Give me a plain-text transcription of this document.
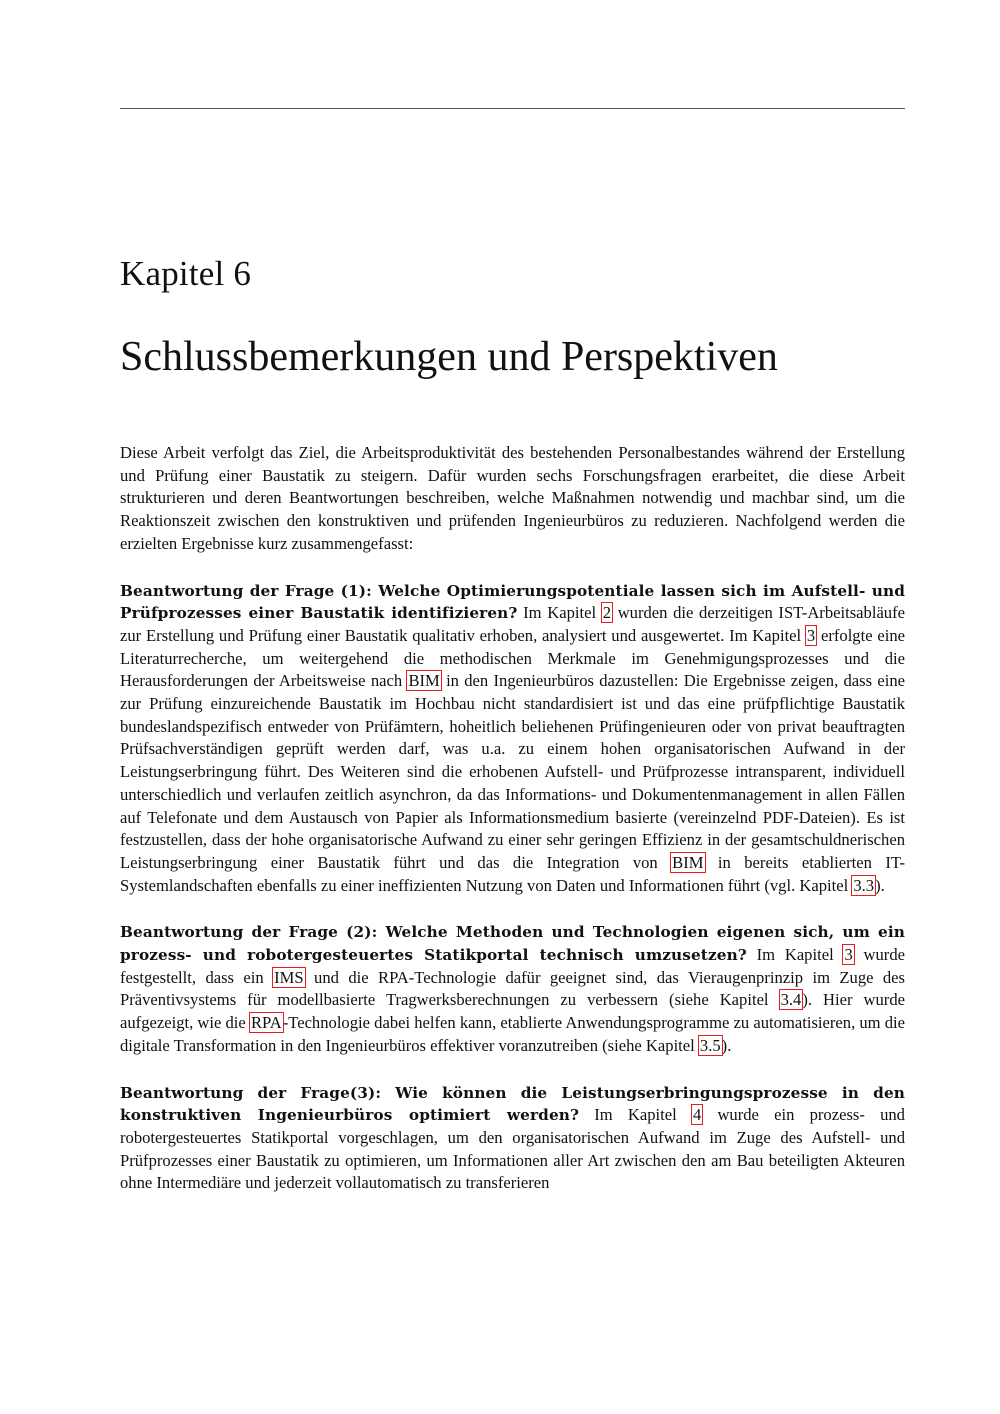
Kapitel 6
Schlussbemerkungen und Perspektiven

Diese Arbeit verfolgt das Ziel, die Arbeitsproduktivität des bestehenden Personalbestandes während der Erstellung und Prüfung einer Baustatik zu steigern. Dafür wurden sechs Forschungsfragen erarbeitet, die diese Arbeit strukturieren und deren Beantwortungen beschreiben, welche Maßnahmen notwendig und machbar sind, um die Reaktionszeit zwischen den konstruktiven und prüfenden Ingenieurbüros zu reduzieren. Nachfolgend werden die erzielten Ergebnisse kurz zusammengefasst:

Beantwortung der Frage (1): Welche Optimierungspotentiale lassen sich im Aufstell- und Prüfprozesses einer Baustatik identifizieren? Im Kapitel 2 wurden die derzeitigen IST-Arbeitsabläufe zur Erstellung und Prüfung einer Baustatik qualitativ erhoben, analysiert und ausgewertet. Im Kapitel 3 erfolgte eine Literaturrecherche, um weitergehend die methodischen Merkmale im Genehmigungsprozesses und die Herausforderungen der Arbeitsweise nach BIM in den Ingenieurbüros dazustellen: Die Ergebnisse zeigen, dass eine zur Prüfung einzureichende Baustatik im Hochbau nicht standardisiert ist und das eine prüfpflichtige Baustatik bundeslandspezifisch entweder von Prüfämtern, hoheitlich beliehenen Prüfingenieuren oder von privat beauftragten Prüfsachverständigen geprüft werden darf, was u.a. zu einem hohen organisatorischen Aufwand in der Leistungserbringung führt. Des Weiteren sind die erhobenen Aufstell- und Prüfprozesse intransparent, individuell unterschiedlich und verlaufen zeitlich asynchron, da das Informations- und Dokumentenmanagement in allen Fällen auf Telefonate und dem Austausch von Papier als Informationsmedium basierte (vereinzelnd PDF-Dateien). Es ist festzustellen, dass der hohe organisatorische Aufwand zu einer sehr geringen Effizienz in der gesamtschuldnerischen Leistungserbringung einer Baustatik führt und das die Integration von BIM in bereits etablierten IT-Systemlandschaften ebenfalls zu einer ineffizienten Nutzung von Daten und Informationen führt (vgl. Kapitel 3.3).

Beantwortung der Frage (2): Welche Methoden und Technologien eigenen sich, um ein prozess- und robotergesteuertes Statikportal technisch umzusetzen? Im Kapitel 3 wurde festgestellt, dass ein IMS und die RPA-Technologie dafür geeignet sind, das Vieraugenprinzip im Zuge des Präventivsystems für modellbasierte Tragwerksberechnungen zu verbessern (siehe Kapitel 3.4). Hier wurde aufgezeigt, wie die RPA-Technologie dabei helfen kann, etablierte Anwendungsprogramme zu automatisieren, um die digitale Transformation in den Ingenieurbüros effektiver voranzutreiben (siehe Kapitel 3.5).

Beantwortung der Frage(3): Wie können die Leistungserbringungsprozesse in den konstruktiven Ingenieurbüros optimiert werden? Im Kapitel 4 wurde ein prozess- und robotergesteuertes Statikportal vorgeschlagen, um den organisatorischen Aufwand im Zuge des Aufstell- und Prüfprozesses einer Baustatik zu optimieren, um Informationen aller Art zwischen den am Bau beteiligten Akteuren ohne Intermediäre und jederzeit vollautomatisch zu transferieren
